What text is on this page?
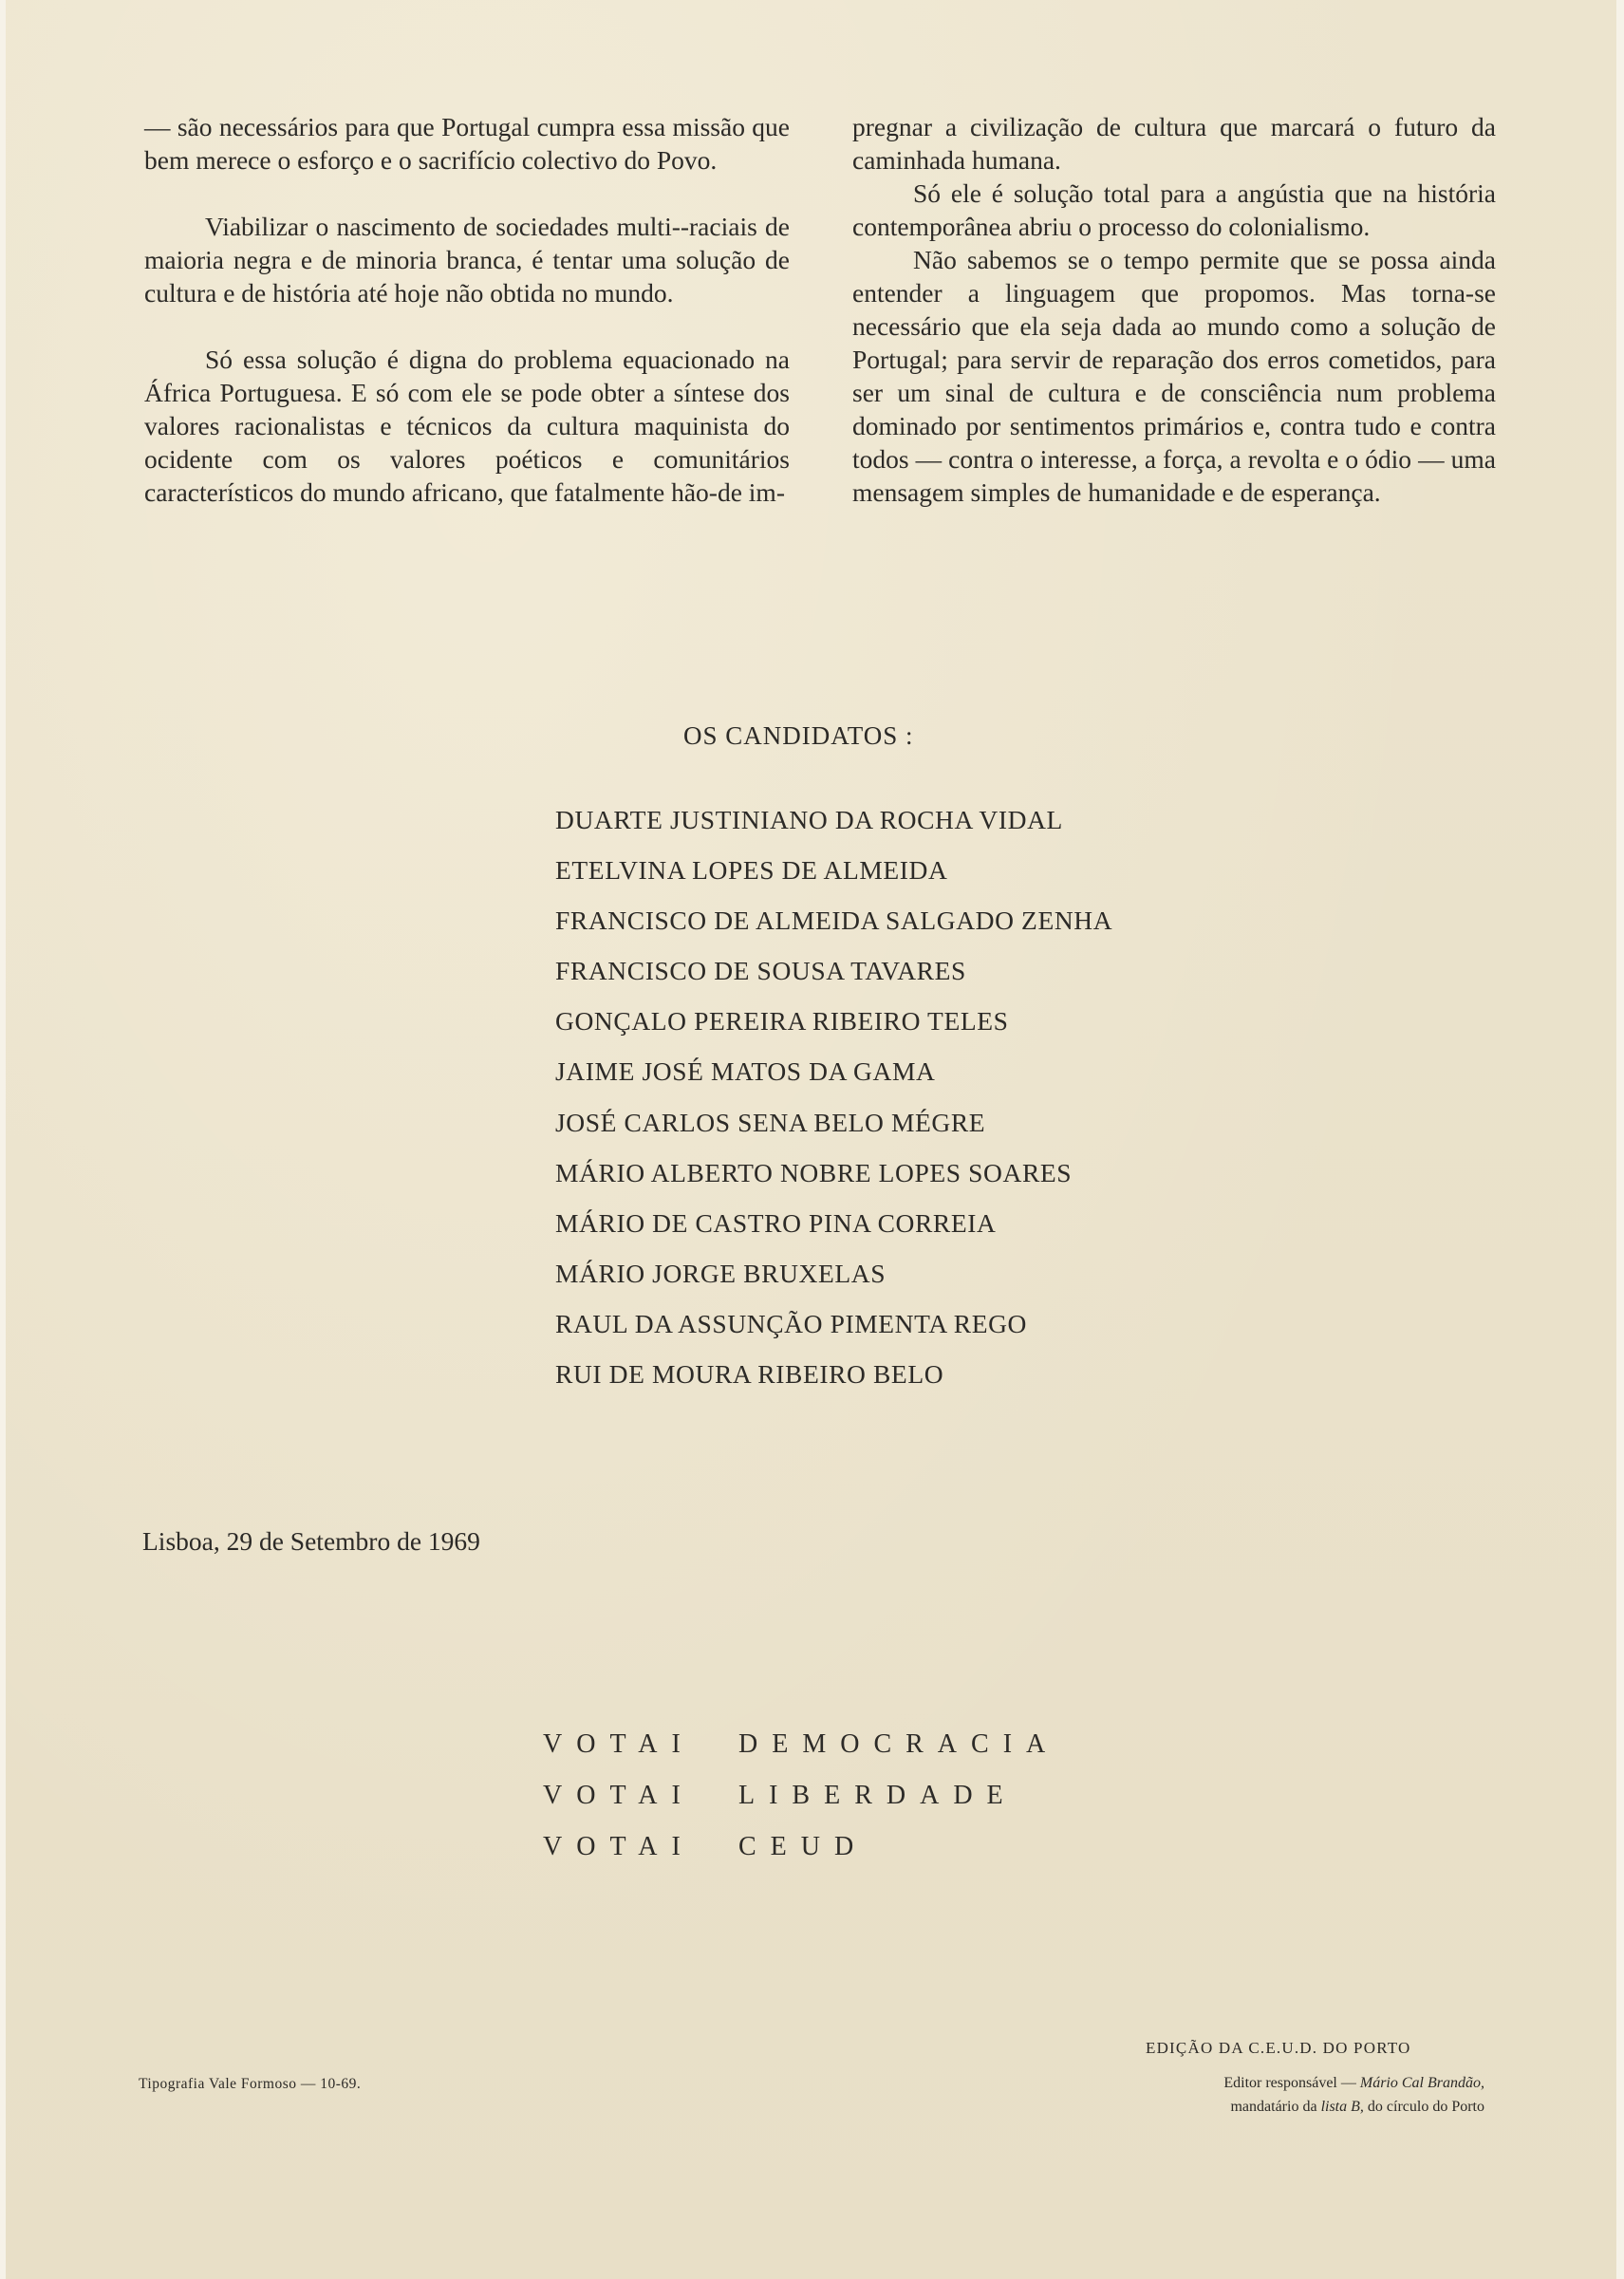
— são necessários para que Portugal cumpra essa missão que bem merece o esforço e o sacrifício colectivo do Povo.

Viabilizar o nascimento de sociedades multi--raciais de maioria negra e de minoria branca, é tentar uma solução de cultura e de história até hoje não obtida no mundo.

Só essa solução é digna do problema equacionado na África Portuguesa. E só com ele se pode obter a síntese dos valores racionalistas e técnicos da cultura maquinista do ocidente com os valores poéticos e comunitários característicos do mundo africano, que fatalmente hão-de im-

pregnar a civilização de cultura que marcará o futuro da caminhada humana.

Só ele é solução total para a angústia que na história contemporânea abriu o processo do colonialismo.

Não sabemos se o tempo permite que se possa ainda entender a linguagem que propomos. Mas torna-se necessário que ela seja dada ao mundo como a solução de Portugal; para servir de reparação dos erros cometidos, para ser um sinal de cultura e de consciência num problema dominado por sentimentos primários e, contra tudo e contra todos — contra o interesse, a força, a revolta e o ódio — uma mensagem simples de humanidade e de esperança.

OS CANDIDATOS :
DUARTE JUSTINIANO DA ROCHA VIDAL
ETELVINA LOPES DE ALMEIDA
FRANCISCO DE ALMEIDA SALGADO ZENHA
FRANCISCO DE SOUSA TAVARES
GONÇALO PEREIRA RIBEIRO TELES
JAIME JOSÉ MATOS DA GAMA
JOSÉ CARLOS SENA BELO MÉGRE
MÁRIO ALBERTO NOBRE LOPES SOARES
MÁRIO DE CASTRO PINA CORREIA
MÁRIO JORGE BRUXELAS
RAUL DA ASSUNÇÃO PIMENTA REGO
RUI DE MOURA RIBEIRO BELO
Lisboa, 29 de Setembro de 1969
VOTAI DEMOCRACIA
VOTAI LIBERDADE
VOTAI CEUD
Tipografia Vale Formoso — 10-69.
EDIÇÃO DA C.E.U.D. DO PORTO
Editor responsável — Mário Cal Brandão,
mandatário da lista B, do círculo do Porto
